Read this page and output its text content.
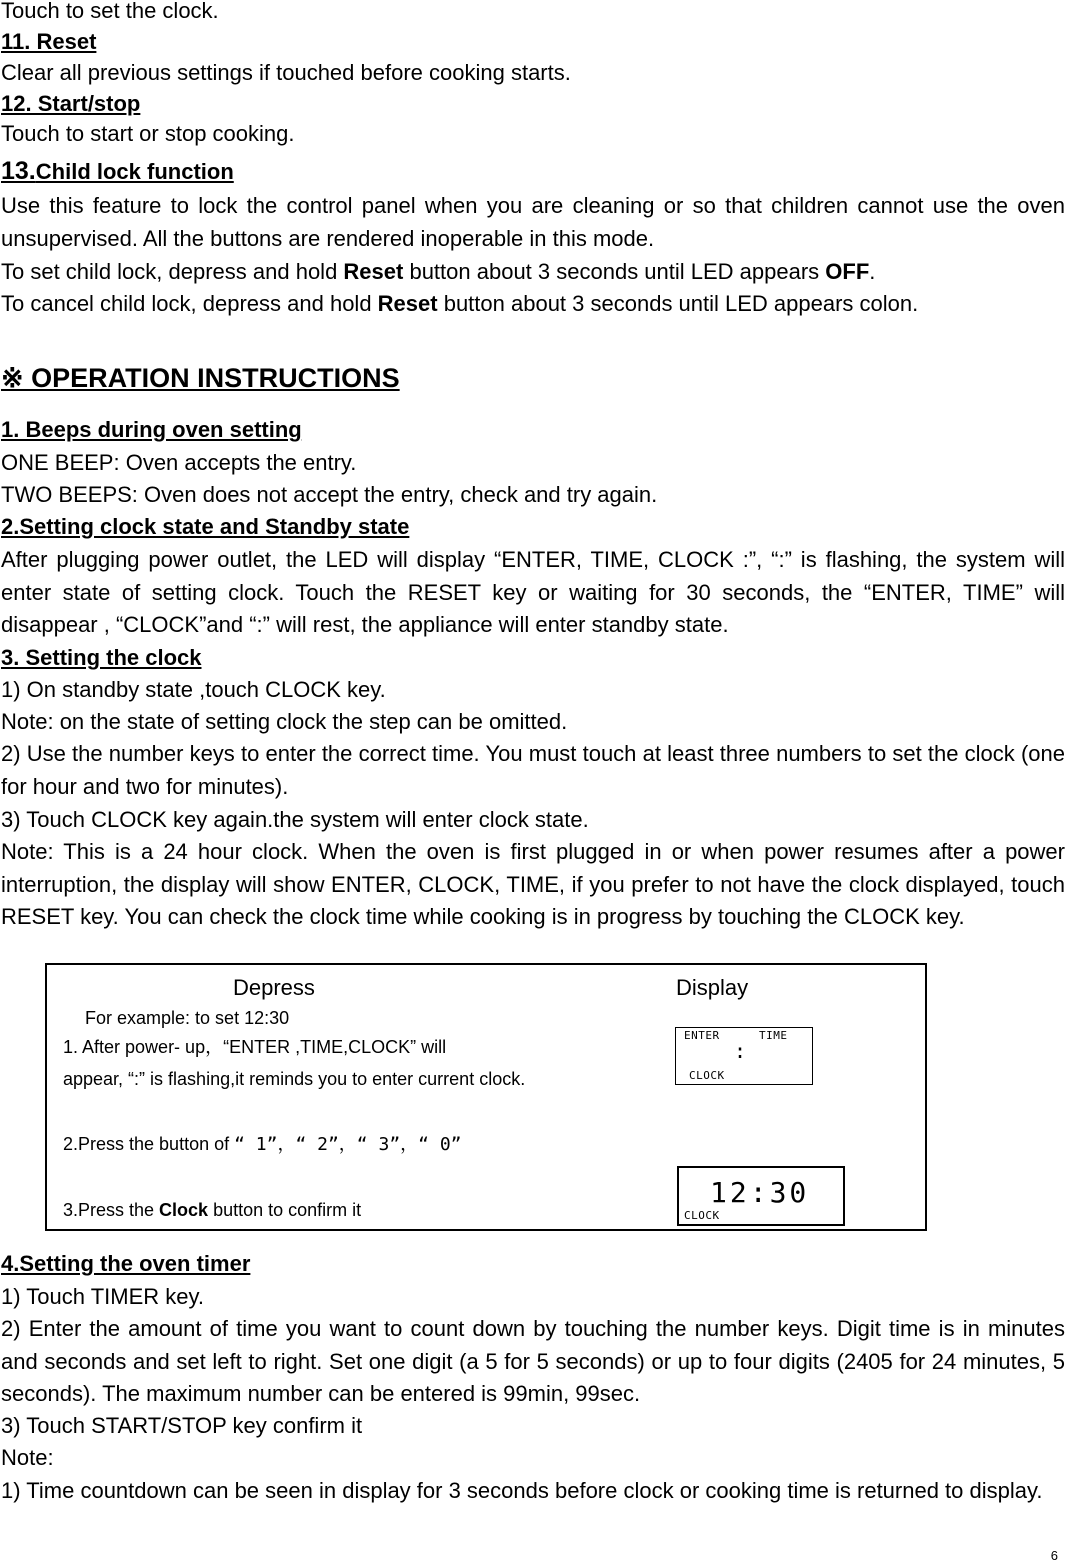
Touch to set the clock.

11. Reset

Clear all previous settings if touched before cooking starts.

12. Start/stop

Touch to start or stop cooking.

13.Child lock function

Use this feature to lock the control panel when you are cleaning or so that children cannot use the oven unsupervised. All the buttons are rendered inoperable in this mode.

To set child lock, depress and hold Reset button about 3 seconds until LED appears OFF.

To cancel child lock, depress and hold Reset button about 3 seconds until LED appears colon.

※ OPERATION INSTRUCTIONS

1. Beeps during oven setting

ONE BEEP: Oven accepts the entry.

TWO BEEPS: Oven does not accept the entry, check and try again.

2.Setting clock state and Standby state

After plugging power outlet, the LED will display “ENTER, TIME, CLOCK :”, “:” is flashing, the system will enter state of setting clock. Touch the RESET key or waiting for 30 seconds, the “ENTER, TIME” will disappear , “CLOCK”and “:” will rest, the appliance will enter standby state.

3. Setting the clock

1) On standby state ,touch CLOCK key.

Note: on the state of setting clock the step can be omitted.

2) Use the number keys to enter the correct time. You must touch at least three numbers to set the clock (one for hour and two for minutes).

3) Touch CLOCK key again.the system will enter clock state.

Note: This is a 24 hour clock. When the oven is first plugged in or when power resumes after a power interruption, the display will show ENTER, CLOCK, TIME, if you prefer to not have the clock displayed, touch RESET key. You can check the clock time while cooking is in progress by touching the CLOCK key.

Depress	Display

For example: to set 12:30

1. After power- up，“ENTER ,TIME,CLOCK” will

appear, “:” is flashing,it reminds you to enter current clock.

2.Press the button of “ 1”，“ 2”，“ 3”，“ 0”

3.Press the Clock button to confirm it

ENTER	TIME

:

CLOCK

12:30

CLOCK

4.Setting the oven timer

1) Touch TIMER key.

2) Enter the amount of time you want to count down by touching the number keys. Digit time is in minutes and seconds and set left to right. Set one digit (a 5 for 5 seconds) or up to four digits (2405 for 24 minutes, 5 seconds). The maximum number can be entered is 99min, 99sec.

3) Touch START/STOP key confirm it

Note:

1) Time countdown can be seen in display for 3 seconds before clock or cooking time is returned to display.

6
